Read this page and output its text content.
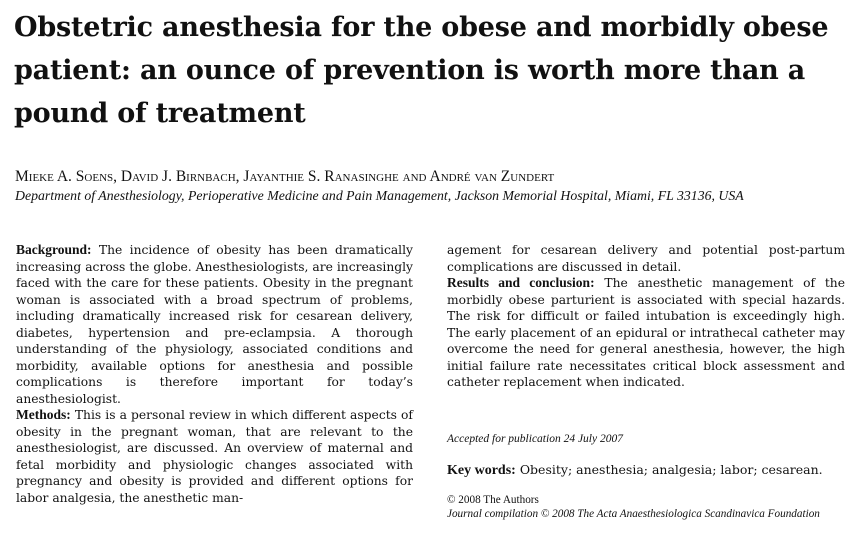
Obstetric anesthesia for the obese and morbidly obese patient: an ounce of prevention is worth more than a pound of treatment
Mieke A. Soens, David J. Birnbach, Jayanthie S. Ranasinghe and André van Zundert
Department of Anesthesiology, Perioperative Medicine and Pain Management, Jackson Memorial Hospital, Miami, FL 33136, USA

Background: The incidence of obesity has been dramatically increasing across the globe. Anesthesiologists, are increasingly faced with the care for these patients. Obesity in the pregnant woman is associated with a broad spectrum of problems, including dramatically increased risk for cesarean delivery, diabetes, hypertension and pre-eclampsia. A thorough understanding of the physiology, associated conditions and morbidity, available options for anesthesia and possible complications is therefore important for today’s anesthesiologist.

Methods: This is a personal review in which different aspects of obesity in the pregnant woman, that are relevant to the anesthesiologist, are discussed. An overview of maternal and fetal morbidity and physiologic changes associated with pregnancy and obesity is provided and different options for labor analgesia, the anesthetic man-

agement for cesarean delivery and potential post-partum complications are discussed in detail.

Results and conclusion: The anesthetic management of the morbidly obese parturient is associated with special hazards. The risk for difficult or failed intubation is exceedingly high. The early placement of an epidural or intrathecal catheter may overcome the need for general anesthesia, however, the high initial failure rate necessitates critical block assessment and catheter replacement when indicated.

Accepted for publication 24 July 2007
Key words: Obesity; anesthesia; analgesia; labor; cesarean.
© 2008 The Authors
Journal compilation © 2008 The Acta Anaesthesiologica Scandinavica Foundation
